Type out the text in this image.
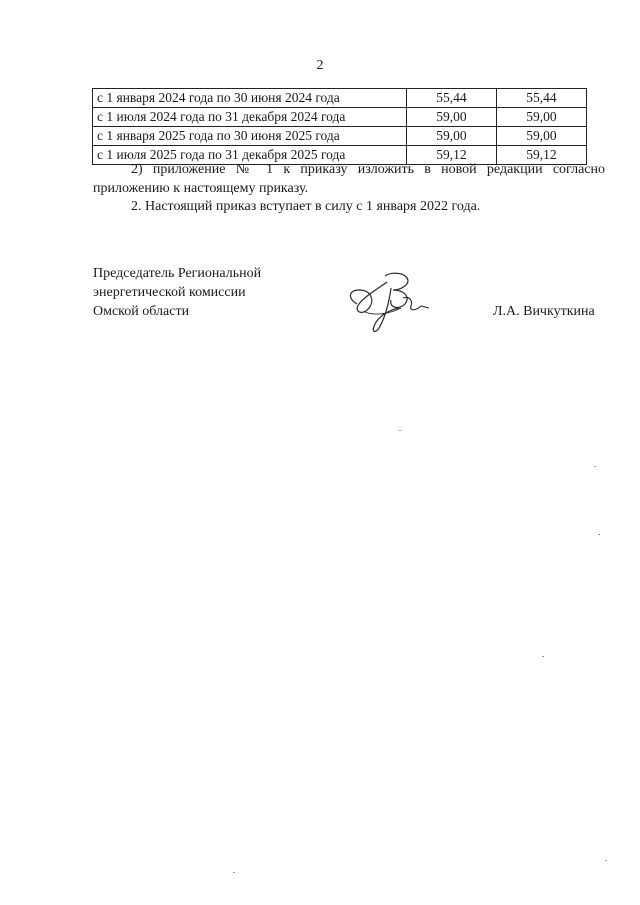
2
с 1 января 2024 года по 30 июня 2024 года	55,44	55,44
с 1 июля 2024 года по 31 декабря 2024 года	59,00	59,00
с 1 января 2025 года по 30 июня 2025 года	59,00	59,00
с 1 июля 2025 года по 31 декабря 2025 года	59,12	59,12
2) приложение № 1 к приказу изложить в новой редакции согласно приложению к настоящему приказу.
2. Настоящий приказ вступает в силу с 1 января 2022 года.
Председатель Региональной
энергетической комиссии
Омской области	Л.А. Вичкуткина
